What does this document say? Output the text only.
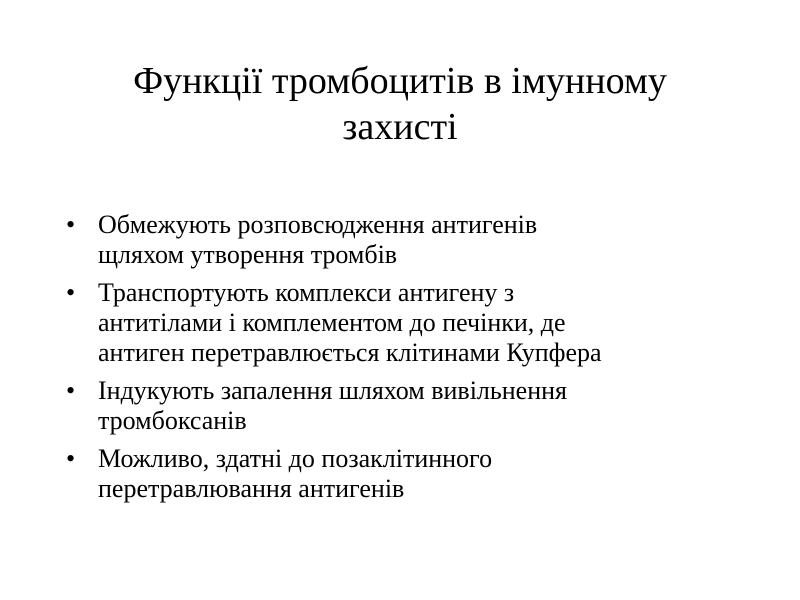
Функції тромбоцитів в імунному
захисті
• Обмежують розповсюдження антигенів
щляхом утворення тромбів
• Транспортують комплекси антигену з
антитілами і комплементом до печінки, де
антиген перетравлюється клітинами Купфера
• Індукують запалення шляхом вивільнення
тромбоксанів
• Можливо, здатні до позаклітинного
перетравлювання антигенів
